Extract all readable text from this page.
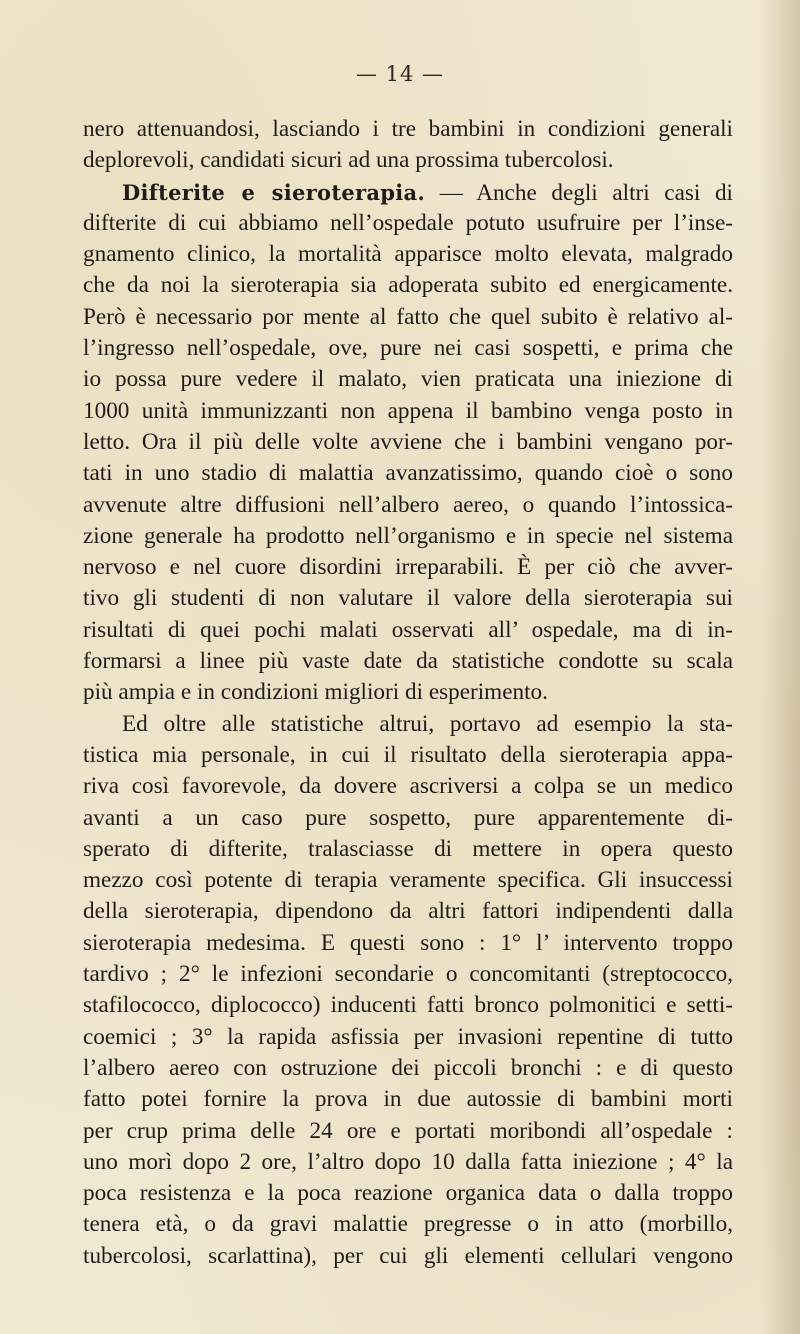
— 14 —
nero attenuandosi, lasciando i tre bambini in condizioni generali
deplorevoli, candidati sicuri ad una prossima tubercolosi.
Difterite e sieroterapia. — Anche degli altri casi di
difterite di cui abbiamo nell’ospedale potuto usufruire per l’inse-
gnamento clinico, la mortalità apparisce molto elevata, malgrado
che da noi la sieroterapia sia adoperata subito ed energicamente.
Però è necessario por mente al fatto che quel subito è relativo al-
l’ingresso nell’ospedale, ove, pure nei casi sospetti, e prima che
io possa pure vedere il malato, vien praticata una iniezione di
1000 unità immunizzanti non appena il bambino venga posto in
letto. Ora il più delle volte avviene che i bambini vengano por-
tati in uno stadio di malattia avanzatissimo, quando cioè o sono
avvenute altre diffusioni nell’albero aereo, o quando l’intossica-
zione generale ha prodotto nell’organismo e in specie nel sistema
nervoso e nel cuore disordini irreparabili. È per ciò che avver-
tivo gli studenti di non valutare il valore della sieroterapia sui
risultati di quei pochi malati osservati all’ ospedale, ma di in-
formarsi a linee più vaste date da statistiche condotte su scala
più ampia e in condizioni migliori di esperimento.
Ed oltre alle statistiche altrui, portavo ad esempio la sta-
tistica mia personale, in cui il risultato della sieroterapia appa-
riva così favorevole, da dovere ascriversi a colpa se un medico
avanti a un caso pure sospetto, pure apparentemente di-
sperato di difterite, tralasciasse di mettere in opera questo
mezzo così potente di terapia veramente specifica. Gli insuccessi
della sieroterapia, dipendono da altri fattori indipendenti dalla
sieroterapia medesima. E questi sono : 1° l’ intervento troppo
tardivo ; 2° le infezioni secondarie o concomitanti (streptococco,
stafilococco, diplococco) inducenti fatti bronco polmonitici e setti-
coemici ; 3° la rapida asfissia per invasioni repentine di tutto
l’albero aereo con ostruzione dei piccoli bronchi : e di questo
fatto potei fornire la prova in due autossie di bambini morti
per crup prima delle 24 ore e portati moribondi all’ospedale :
uno morì dopo 2 ore, l’altro dopo 10 dalla fatta iniezione ; 4° la
poca resistenza e la poca reazione organica data o dalla troppo
tenera età, o da gravi malattie pregresse o in atto (morbillo,
tubercolosi, scarlattina), per cui gli elementi cellulari vengono
